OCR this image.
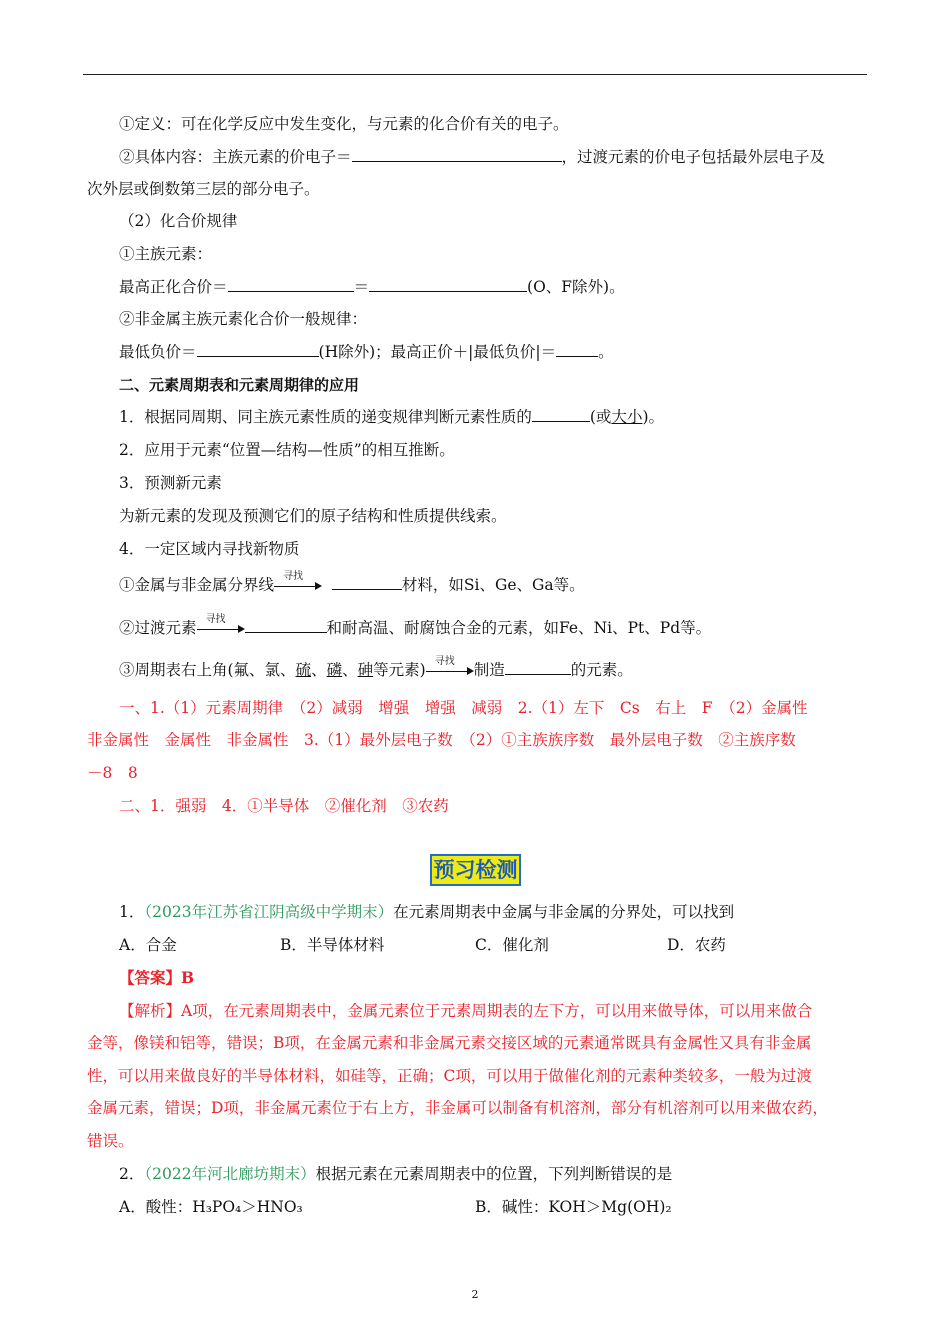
①定义：可在化学反应中发生变化，与元素的化合价有关的电子。
②具体内容：主族元素的价电子＝	，过渡元素的价电子包括最外层电子及
次外层或倒数第三层的部分电子。
（2）化合价规律
①主族元素：
最高正化合价＝	＝	(O、F除外)。
②非金属主族元素化合价一般规律：
最低负价＝	(H除外)；最高正价＋|最低负价|＝	。
二、元素周期表和元素周期律的应用
1．根据同周期、同主族元素性质的递变规律判断元素性质的	(或大小)。
2．应用于元素“位置—结构—性质”的相互推断。
3．预测新元素
为新元素的发现及预测它们的原子结构和性质提供线索。
4．一定区域内寻找新物质
①金属与非金属分界线 寻找	材料，如Si、Ge、Ga等。
②过渡元素 寻找	和耐高温、耐腐蚀合金的元素，如Fe、Ni、Pt、Pd等。
③周期表右上角(氟、氯、硫、磷、砷等元素) 寻找 制造	的元素。
一、1.（1）元素周期律　（2）减弱　增强　增强　减弱　2.（1）左下　Cs　右上　F　（2）金属性
非金属性　金属性　非金属性　3.（1）最外层电子数　（2）①主族族序数　最外层电子数　②主族序数
－8　8
二、1．强弱　4．①半导体　②催化剂　③农药
预习检测
1．（2023年江苏省江阴高级中学期末）在元素周期表中金属与非金属的分界处，可以找到
A．合金	B．半导体材料	C．催化剂	D．农药
【答案】B
【解析】A项，在元素周期表中，金属元素位于元素周期表的左下方，可以用来做导体，可以用来做合
金等，像镁和铝等，错误；B项，在金属元素和非金属元素交接区域的元素通常既具有金属性又具有非金属
性，可以用来做良好的半导体材料，如硅等，正确；C项，可以用于做催化剂的元素种类较多，一般为过渡
金属元素，错误；D项，非金属元素位于右上方，非金属可以制备有机溶剂，部分有机溶剂可以用来做农药，
错误。
2．（2022年河北廊坊期末）根据元素在元素周期表中的位置，下列判断错误的是
A．酸性：H₃PO₄＞HNO₃	B．碱性：KOH＞Mg(OH)₂
2
